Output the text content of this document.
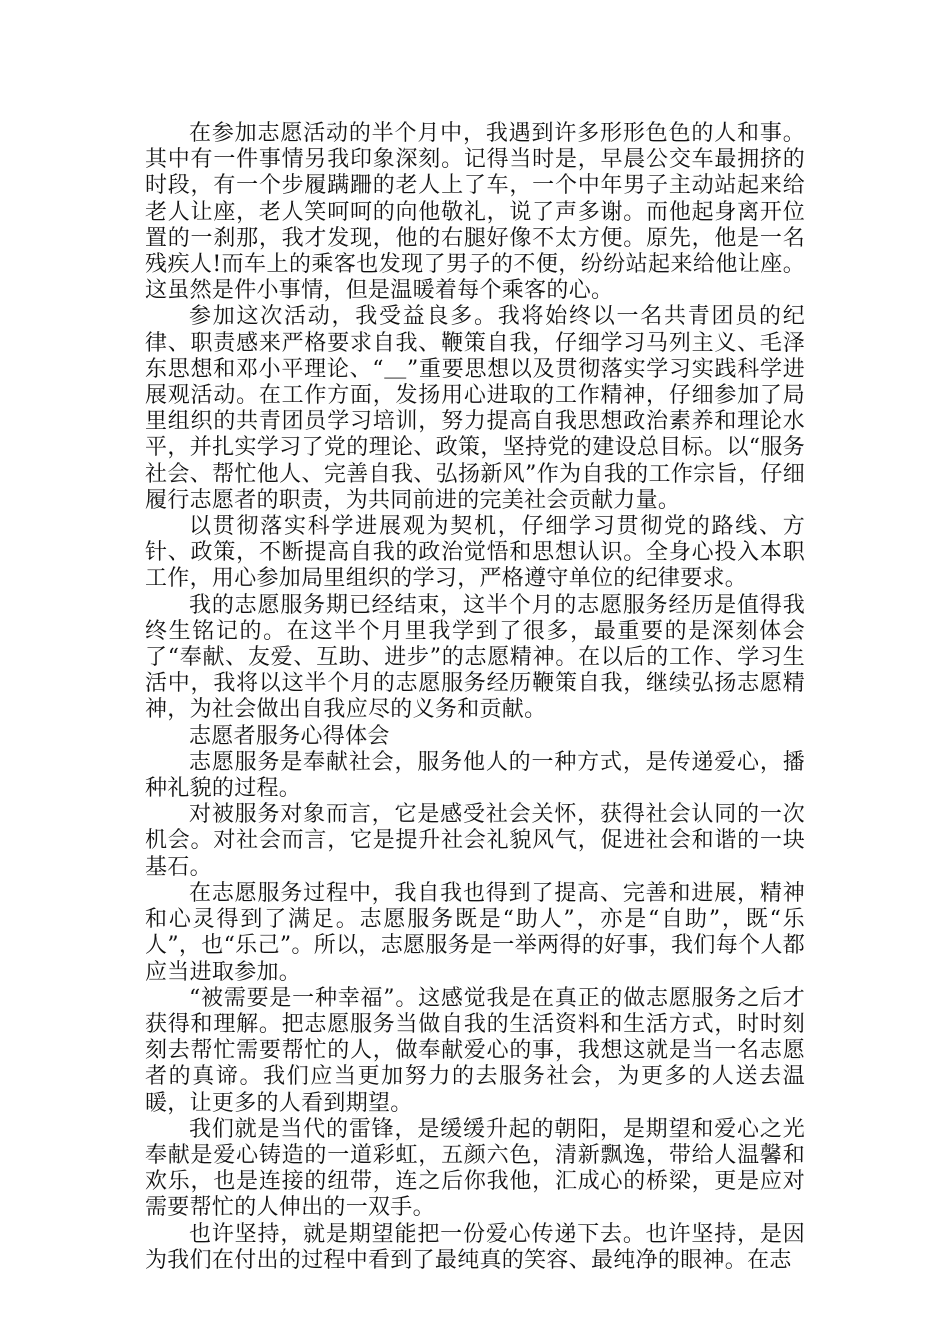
在参加志愿活动的半个月中，我遇到许多形形色色的人和事。其中有一件事情另我印象深刻。记得当时是，早晨公交车最拥挤的时段，有一个步履蹒跚的老人上了车，一个中年男子主动站起来给老人让座，老人笑呵呵的向他敬礼，说了声多谢。而他起身离开位置的一刹那，我才发现，他的右腿好像不太方便。原先，他是一名残疾人!而车上的乘客也发现了男子的不便，纷纷站起来给他让座。这虽然是件小事情，但是温暖着每个乘客的心。

参加这次活动，我受益良多。我将始终以一名共青团员的纪律、职责感来严格要求自我、鞭策自我，仔细学习马列主义、毛泽东思想和邓小平理论、“＿”重要思想以及贯彻落实学习实践科学进展观活动。在工作方面，发扬用心进取的工作精神，仔细参加了局里组织的共青团员学习培训，努力提高自我思想政治素养和理论水平，并扎实学习了党的理论、政策，坚持党的建设总目标。以“服务社会、帮忙他人、完善自我、弘扬新风”作为自我的工作宗旨，仔细履行志愿者的职责，为共同前进的完美社会贡献力量。

以贯彻落实科学进展观为契机，仔细学习贯彻党的路线、方针、政策，不断提高自我的政治觉悟和思想认识。全身心投入本职工作，用心参加局里组织的学习，严格遵守单位的纪律要求。

我的志愿服务期已经结束，这半个月的志愿服务经历是值得我终生铭记的。在这半个月里我学到了很多，最重要的是深刻体会了“奉献、友爱、互助、进步”的志愿精神。在以后的工作、学习生活中，我将以这半个月的志愿服务经历鞭策自我，继续弘扬志愿精神，为社会做出自我应尽的义务和贡献。

志愿者服务心得体会

志愿服务是奉献社会，服务他人的一种方式，是传递爱心，播种礼貌的过程。

对被服务对象而言，它是感受社会关怀，获得社会认同的一次机会。对社会而言，它是提升社会礼貌风气，促进社会和谐的一块基石。

在志愿服务过程中，我自我也得到了提高、完善和进展，精神和心灵得到了满足。志愿服务既是“助人”，亦是“自助”，既“乐人”，也“乐己”。所以，志愿服务是一举两得的好事，我们每个人都应当进取参加。

“被需要是一种幸福”。这感觉我是在真正的做志愿服务之后才获得和理解。把志愿服务当做自我的生活资料和生活方式，时时刻刻去帮忙需要帮忙的人，做奉献爱心的事，我想这就是当一名志愿者的真谛。我们应当更加努力的去服务社会，为更多的人送去温暖，让更多的人看到期望。

我们就是当代的雷锋，是缓缓升起的朝阳，是期望和爱心之光奉献是爱心铸造的一道彩虹，五颜六色，清新飘逸，带给人温馨和欢乐，也是连接的纽带，连之后你我他，汇成心的桥梁，更是应对需要帮忙的人伸出的一双手。

也许坚持，就是期望能把一份爱心传递下去。也许坚持，是因为我们在付出的过程中看到了最纯真的笑容、最纯净的眼神。在志
